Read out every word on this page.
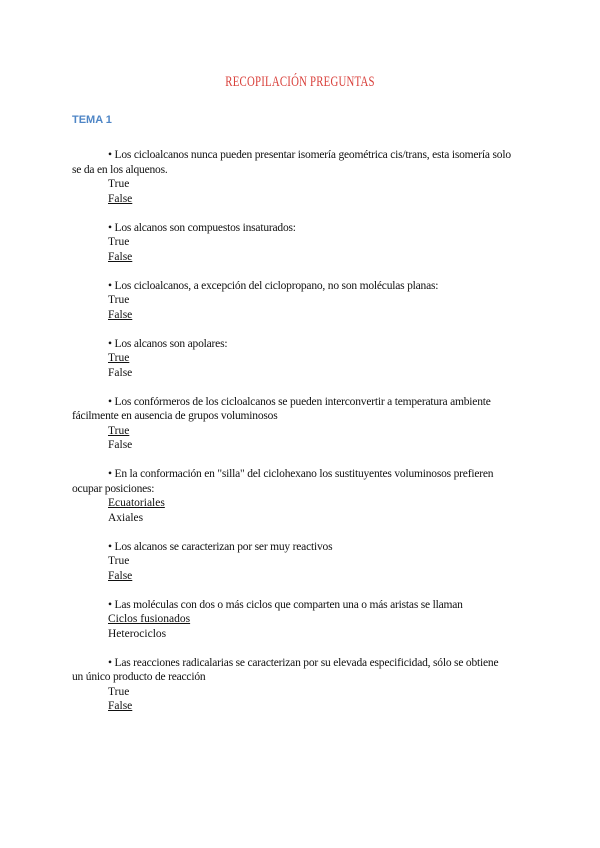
RECOPILACIÓN PREGUNTAS
TEMA 1
• Los cicloalcanos nunca pueden presentar isomería geométrica cis/trans, esta isomería solo se da en los alquenos.
True
False
• Los alcanos son compuestos insaturados:
True
False
• Los cicloalcanos, a excepción del ciclopropano, no son moléculas planas:
True
False
• Los alcanos son apolares:
True
False
• Los confórmeros de los cicloalcanos se pueden interconvertir a temperatura ambiente fácilmente en ausencia de grupos voluminosos
True
False
• En la conformación en "silla" del ciclohexano los sustituyentes voluminosos prefieren ocupar posiciones:
Ecuatoriales
Axiales
• Los alcanos se caracterizan por ser muy reactivos
True
False
• Las moléculas con dos o más ciclos que comparten una o más aristas se llaman
Ciclos fusionados
Heterociclos
• Las reacciones radicalarias se caracterizan por su elevada especificidad, sólo se obtiene un único producto de reacción
True
False
